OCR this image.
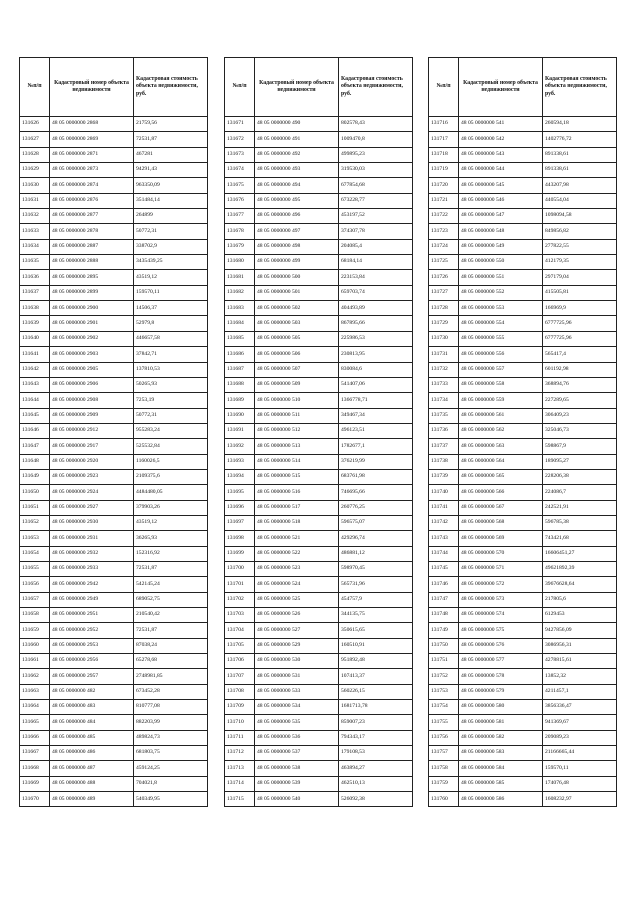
№п/п	Кадастровый номер объекта недвижимости	Кадастровая стоимость объекта недвижимости, руб.
131626	48 05 0000000 2868	21759,56
131627	48 05 0000000 2869	72531,87
131628	48 05 0000000 2871	467281
131629	48 05 0000000 2873	94291,43
131630	48 05 0000000 2874	963350,09
131631	48 05 0000000 2876	351484,14
131632	48 05 0000000 2877	264899
131633	48 05 0000000 2878	50772,31
131634	48 05 0000000 2887	338702,9
131635	48 05 0000000 2888	3435439,25
131636	48 05 0000000 2895	43519,12
131637	48 05 0000000 2899	159570,11
131638	48 05 0000000 2900	14506,37
131639	48 05 0000000 2901	52979,8
131640	48 05 0000000 2902	446657,58
131641	48 05 0000000 2903	37842,71
131642	48 05 0000000 2905	137810,53
131643	48 05 0000000 2906	50265,93
131644	48 05 0000000 2908	7253,19
131645	48 05 0000000 2909	50772,31
131646	48 05 0000000 2912	955283,24
131647	48 05 0000000 2917	525532,84
131648	48 05 0000000 2920	1160026,5
131649	48 05 0000000 2923	2109375,6
131650	48 05 0000000 2924	4484480,05
131651	48 05 0000000 2927	379903,26
131652	48 05 0000000 2930	43519,12
131653	48 05 0000000 2931	36265,93
131654	48 05 0000000 2932	152316,92
131655	48 05 0000000 2933	72531,87
131656	48 05 0000000 2942	542145,24
131657	48 05 0000000 2949	689052,75
131658	48 05 0000000 2951	210540,42
131659	48 05 0000000 2952	72531,87
131660	48 05 0000000 2953	87038,24
131661	48 05 0000000 2956	65278,68
131662	48 05 0000000 2957	2748981,85
131663	48 05 0000000 482	673452,28
131664	48 05 0000000 483	810777,08
131665	48 05 0000000 484	882203,99
131666	48 05 0000000 485	489824,73
131667	48 05 0000000 486	681803,75
131668	48 05 0000000 487	459124,25
131669	48 05 0000000 488	704021,8
131670	48 05 0000000 489	540349,95
№п/п	Кадастровый номер объекта недвижимости	Кадастровая стоимость объекта недвижимости, руб.
131671	48 05 0000000 490	802578,43
131672	48 05 0000000 491	1009470,8
131673	48 05 0000000 492	499895,23
131674	48 05 0000000 493	319530,03
131675	48 05 0000000 494	677854,68
131676	48 05 0000000 495	673228,77
131677	48 05 0000000 496	453197,52
131678	48 05 0000000 497	374307,78
131679	48 05 0000000 498	204085,4
131680	48 05 0000000 499	68184,14
131681	48 05 0000000 500	223153,84
131682	48 05 0000000 501	659703,74
131683	48 05 0000000 502	404493,89
131684	48 05 0000000 503	867895,66
131685	48 05 0000000 505	225986,53
131686	48 05 0000000 506	230813,95
131687	48 05 0000000 507	830084,6
131688	48 05 0000000 509	541407,06
131689	48 05 0000000 510	1366778,71
131690	48 05 0000000 511	349467,34
131691	48 05 0000000 512	496123,51
131692	48 05 0000000 513	1782677,1
131693	48 05 0000000 514	376219,99
131694	48 05 0000000 515	683761,98
131695	48 05 0000000 516	746695,66
131696	48 05 0000000 517	260776,25
131697	48 05 0000000 518	596575,07
131698	48 05 0000000 521	429296,74
131699	48 05 0000000 522	486881,12
131700	48 05 0000000 523	598970,45
131701	48 05 0000000 524	565731,96
131702	48 05 0000000 525	454757,9
131703	48 05 0000000 526	344135,75
131704	48 05 0000000 527	350615,65
131705	48 05 0000000 529	160510,91
131706	48 05 0000000 530	951892,48
131707	48 05 0000000 531	107413,37
131708	48 05 0000000 533	560226,15
131709	48 05 0000000 534	1681713,78
131710	48 05 0000000 535	859007,23
131711	48 05 0000000 536	794343,17
131712	48 05 0000000 537	179108,53
131713	48 05 0000000 538	463894,27
131714	48 05 0000000 539	462510,13
131715	48 05 0000000 540	526092,38
№п/п	Кадастровый номер объекта недвижимости	Кадастровая стоимость объекта недвижимости, руб.
131716	48 05 0000000 541	260594,18
131717	48 05 0000000 542	1402776,72
131718	48 05 0000000 543	891338,61
131719	48 05 0000000 544	891338,61
131720	48 05 0000000 545	443207,98
131721	48 05 0000000 546	440554,04
131722	48 05 0000000 547	1098094,58
131723	48 05 0000000 548	849856,82
131724	48 05 0000000 549	277822,55
131725	48 05 0000000 550	412179,35
131726	48 05 0000000 551	297179,04
131727	48 05 0000000 552	415505,81
131728	48 05 0000000 553	166969,9
131729	48 05 0000000 554	6777725,96
131730	48 05 0000000 555	6777725,96
131731	48 05 0000000 556	565417,4
131732	48 05 0000000 557	601192,98
131733	48 05 0000000 558	368894,76
131734	48 05 0000000 559	227289,65
131735	48 05 0000000 561	306409,23
131736	48 05 0000000 562	325046,73
131737	48 05 0000000 563	598867,9
131738	48 05 0000000 564	189095,27
131739	48 05 0000000 565	228206,38
131740	48 05 0000000 566	224086,7
131741	48 05 0000000 567	242521,91
131742	48 05 0000000 568	596785,38
131743	48 05 0000000 569	743421,68
131744	48 05 0000000 570	16606451,27
131745	48 05 0000000 571	49621892,39
131746	48 05 0000000 572	39676628,64
131747	48 05 0000000 573	217805,6
131748	48 05 0000000 574	6129453
131749	48 05 0000000 575	9427856,09
131750	48 05 0000000 576	3086956,31
131751	48 05 0000000 577	4278815,61
131752	48 05 0000000 578	13852,32
131753	48 05 0000000 579	4211457,1
131754	48 05 0000000 580	3856336,47
131755	48 05 0000000 581	941369,67
131756	48 05 0000000 582	209089,23
131757	48 05 0000000 583	21166665,44
131758	48 05 0000000 584	159570,11
131759	48 05 0000000 585	174076,48
131760	48 05 0000000 586	1608232,97
